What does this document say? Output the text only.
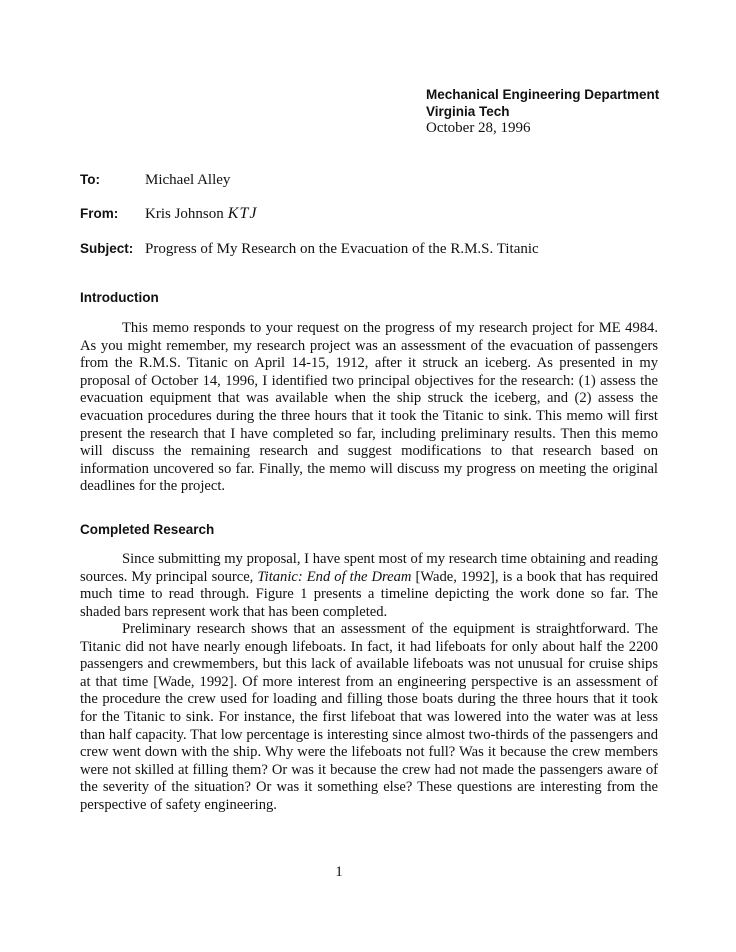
Mechanical Engineering Department
Virginia Tech
October 28, 1996
To:	Michael Alley
From: Kris Johnson KTJ
Subject: Progress of My Research on the Evacuation of the R.M.S. Titanic
Introduction

This memo responds to your request on the progress of my research project for ME 4984. As you might remember, my research project was an assessment of the evacuation of passengers from the R.M.S. Titanic on April 14-15, 1912, after it struck an iceberg. As presented in my proposal of October 14, 1996, I identified two principal objectives for the research: (1) assess the evacuation equipment that was available when the ship struck the iceberg, and (2) assess the evacuation procedures during the three hours that it took the Titanic to sink. This memo will first present the research that I have completed so far, including preliminary results. Then this memo will discuss the remaining research and suggest modifications to that research based on information uncovered so far. Finally, the memo will discuss my progress on meeting the original deadlines for the project.

Completed Research

Since submitting my proposal, I have spent most of my research time obtaining and reading sources. My principal source, Titanic: End of the Dream [Wade, 1992], is a book that has required much time to read through. Figure 1 presents a timeline depicting the work done so far. The shaded bars represent work that has been completed.

Preliminary research shows that an assessment of the equipment is straightforward. The Titanic did not have nearly enough lifeboats. In fact, it had lifeboats for only about half the 2200 passengers and crewmembers, but this lack of available lifeboats was not unusual for cruise ships at that time [Wade, 1992]. Of more interest from an engineering perspective is an assessment of the procedure the crew used for loading and filling those boats during the three hours that it took for the Titanic to sink. For instance, the first lifeboat that was lowered into the water was at less than half capacity. That low percentage is interesting since almost two-thirds of the passengers and crew went down with the ship. Why were the lifeboats not full? Was it because the crew members were not skilled at filling them? Or was it because the crew had not made the passengers aware of the severity of the situation? Or was it something else? These questions are interesting from the perspective of safety engineering.

1
